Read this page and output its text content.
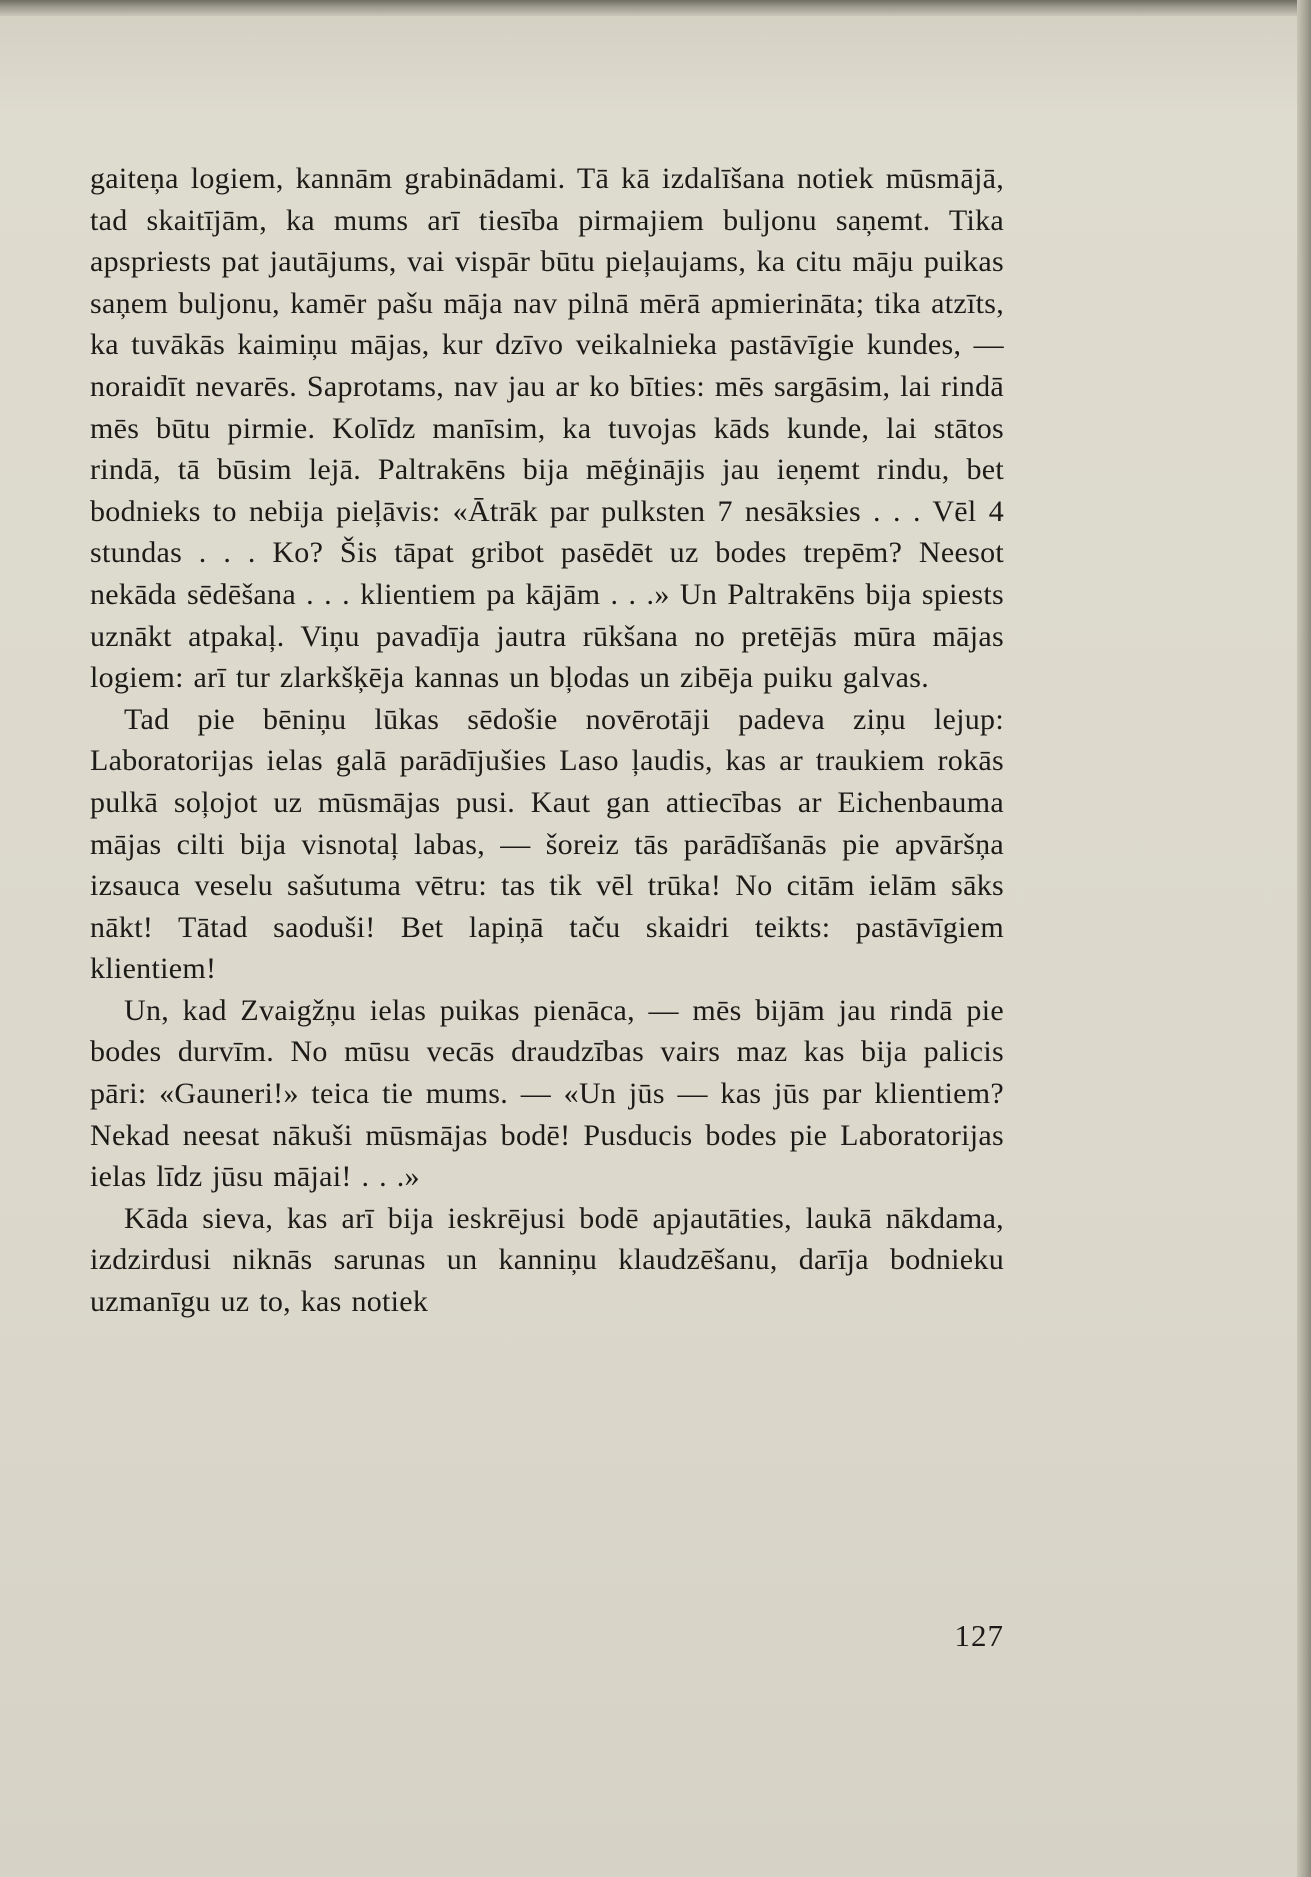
gaiteņa logiem, kannām grabinādami. Tā kā izdalīšana notiek mūsmājā, tad skaitījām, ka mums arī tiesība pirmajiem buljonu saņemt. Tika apspriests pat jautājums, vai vispār būtu pieļaujams, ka citu māju puikas saņem buljonu, kamēr pašu māja nav pilnā mērā apmierināta; tika atzīts, ka tuvākās kaimiņu mājas, kur dzīvo veikalnieka pastāvīgie kundes, — noraidīt nevarēs. Saprotams, nav jau ar ko bīties: mēs sargāsim, lai rindā mēs būtu pirmie. Kolīdz manīsim, ka tuvojas kāds kunde, lai stātos rindā, tā būsim lejā. Paltrakēns bija mēģinājis jau ieņemt rindu, bet bodnieks to nebija pieļāvis: «Ātrāk par pulksten 7 nesāksies . . . Vēl 4 stundas . . . Ko? Šis tāpat gribot pasēdēt uz bodes trepēm? Neesot nekāda sēdēšana . . . klientiem pa kājām . . .» Un Paltrakēns bija spiests uznākt atpakaļ. Viņu pavadīja jautra rūkšana no pretējās mūra mājas logiem: arī tur zlarkšķēja kannas un bļodas un zibēja puiku galvas.

Tad pie bēniņu lūkas sēdošie novērotāji padeva ziņu lejup: Laboratorijas ielas galā parādījušies Laso ļaudis, kas ar traukiem rokās pulkā soļojot uz mūsmājas pusi. Kaut gan attiecības ar Eichenbauma mājas cilti bija visnotaļ labas, — šoreiz tās parādīšanās pie apvāršņa izsauca veselu sašutuma vētru: tas tik vēl trūka! No citām ielām sāks nākt! Tātad saoduši! Bet lapiņā taču skaidri teikts: pastāvīgiem klientiem!

Un, kad Zvaigžņu ielas puikas pienāca, — mēs bijām jau rindā pie bodes durvīm. No mūsu vecās draudzības vairs maz kas bija palicis pāri: «Gauneri!» teica tie mums. — «Un jūs — kas jūs par klientiem? Nekad neesat nākuši mūsmājas bodē! Pusducis bodes pie Laboratorijas ielas līdz jūsu mājai! . . .»

Kāda sieva, kas arī bija ieskrējusi bodē apjautāties, laukā nākdama, izdzirdusi niknās sarunas un kanniņu klaudzēšanu, darīja bodnieku uzmanīgu uz to, kas notiek

127
